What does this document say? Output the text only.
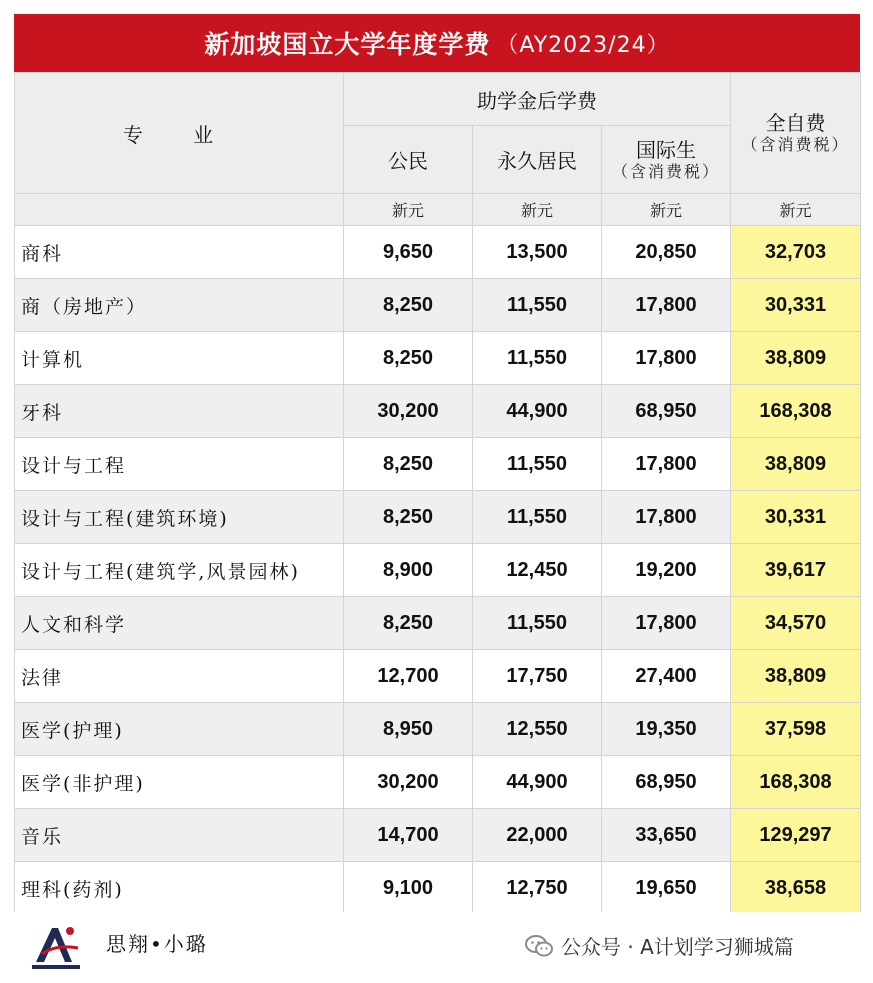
新加坡国立大学年度学费 （AY2023/24）
专 业	助学金后学费			全自费
（含消费税）

	公民	永久居民	国际生
（含消费税）	

	新元	新元	新元	新元
商科	9,650	13,500	20,850	32,703
商（房地产）	8,250	11,550	17,800	30,331
计算机	8,250	11,550	17,800	38,809
牙科	30,200	44,900	68,950	168,308
设计与工程	8,250	11,550	17,800	38,809
设计与工程(建筑环境)	8,250	11,550	17,800	30,331
设计与工程(建筑学,风景园林)	8,900	12,450	19,200	39,617
人文和科学	8,250	11,550	17,800	34,570
法律	12,700	17,750	27,400	38,809
医学(护理)	8,950	12,550	19,350	37,598
医学(非护理)	30,200	44,900	68,950	168,308
音乐	14,700	22,000	33,650	129,297
理科(药剂)	9,100	12,750	19,650	38,658
思翔•小璐	公众号 · A计划学习狮城篇
